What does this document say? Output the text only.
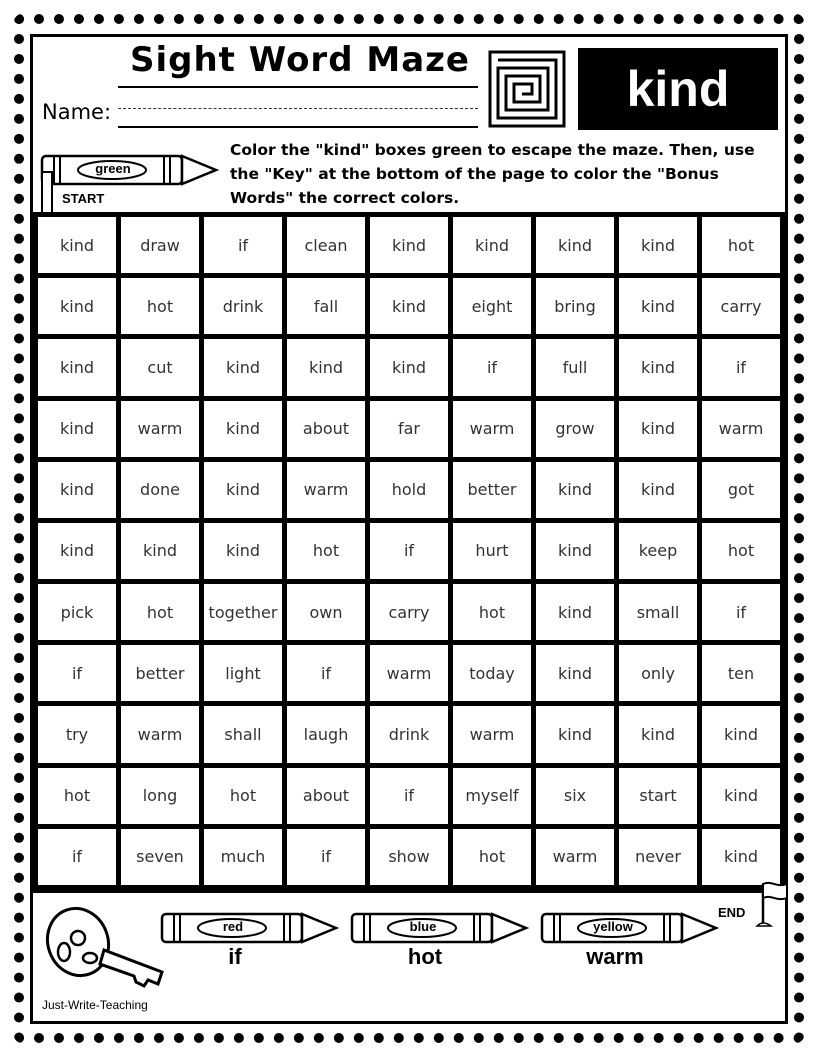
Sight Word Maze
Name:	kind
Color the "kind" boxes green to escape the maze. Then, use the "Key" at the bottom of the page to color the "Bonus Words" the correct colors.
green
START
kind	draw	if	clean	kind	kind	kind	kind	hot
kind	hot	drink	fall	kind	eight	bring	kind	carry
kind	cut	kind	kind	kind	if	full	kind	if
kind	warm	kind	about	far	warm	grow	kind	warm
kind	done	kind	warm	hold	better	kind	kind	got
kind	kind	kind	hot	if	hurt	kind	keep	hot
pick	hot	together	own	carry	hot	kind	small	if
if	better	light	if	warm	today	kind	only	ten
try	warm	shall	laugh	drink	warm	kind	kind	kind
hot	long	hot	about	if	myself	six	start	kind
if	seven	much	if	show	hot	warm	never	kind
red
if
blue
hot
yellow
warm
END
Just-Write-Teaching
